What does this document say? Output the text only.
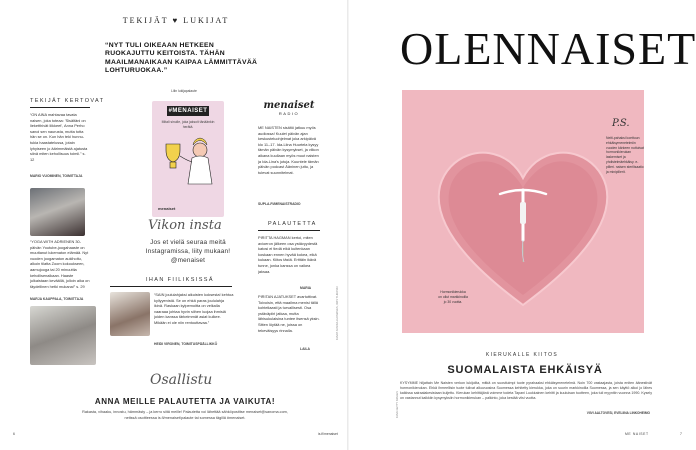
TEKIJÄT ♥ LUKIJAT
“NYT TULI OIKEAAN HETKEEN RUOKAJUTTU KEITOISTA. TÄHÄN MAAILMANAIKAAN KAIPAA LÄMMITTÄVÄÄ LOHTURUOKAA.”
Lilin lukijapalaute
TEKIJÄT KERTOVAT
“ON AINA mahtavaa tavata naisen, joka toteaa: 'Sisältäni on lieketthivät liikkeet', Anna Perho sanoi sen naurusta, mutta totta hän se on. Kun hän teki hunnu-tukia haastatelussa, jotain lyhyiseen jo äärimmäistä ajatusta siinä miten kehollisuus toimii.” s. 12
MARIO VUOMINEN, TOIMITTAJA
“YOGA WITH ADRIENEN 30-päivän Youtube-joogahaaste on muuttanut lukematon elämää. Nyt vuoden joogamaton aukihoitu, alkoin tilatta Zoom kokoukseen, aamujooga tai 20 minuuttia kehollisenaikaan. Haaste julkaistaan keväällä, jolloin aika on täydellinen hetki mukana!” s. 29
MARJA KAUPPALA, TOIMITTAJA
#MENAISET
Mitali sinulle, joka jaksoit tänäänkin herätä.
menaiset
Vikon insta
Jos et vielä seuraa meitä Instagramissa, liity mukaan! @menaiset
IHAN FIILIKSISSÄ
“SAIN joululahjaksi aikuisten koksesta! kehtoa kyllyyenistä. Se on ehkä paras joululahja ikinä. Raskaan kylpemoitta on velkalla vaaraaa johtaa hyvin siihen luojaa ihmisiä joiden kanssa tärkeimmät asiat kulkee. Mikään ei ole niin rentouttavaa.”
HEIDI VIRONEN, TOIMITUSPÄÄLLIKKÖ
menaiset
RADIO
ME NAISTEN sisältö jatkuu myös audiossa! Kuulet päivän ajan keskusteluohjelmat joka arkipäivä klo 11–17. Ida-Liina Huurtela kysyy tämän päivän kysymykset, ja viikon aikana kuullaan myös muut naisten ja Ida-Lina's jutuja. Kuuntele tämän päivän podcast Ääninen juttu, ja tulevat suunnitelmat.
SUPLA.FI/MENAISTRADIO
PALAUTETTA
PIRITTA HAGMAN kertoi, miten avioeron jälkeen osa ystävyydestä katosi ei tiedä eikä kuitenkaan koskaan ennen hyvää kokea, eikä kukaan. Kiitos tästä. Erittäin ikävä tunne, jonka kanssa on vaikea jaksaa.
MARIA
PIRITAN AJATUKSET avartuttivat. Toivoisin, että maailma menisi tällä kohteliaasti ja turvallisesti. Osa ystäväpiiri jatkaa, mutta lähisukulaisina tuntee itsensä yksin. Sitten löytää ne, joissa on tekeväisyys rinnalla.
LAILA
KUVAT ANNIKA LUOMANEN, IIRIS YLIKOSKI
Osallistu
ANNA MEILLE PALAUTETTA JA VAIKUTA!
Rakasta, vihaaku, innostu, hämmästy – ja kerro siitä meille! Palautetta voi lähettää sähköpostitse menaiset@sanoma.com,
netissä osoitteessa is.fi/menaiset/palaute tai somessa tägillä #menaiset.
6	is.fi/menaiset
OLENNAISET
P.S.
Neiti-pahaksi koettuun ehkäisymenetelmiin vuoden kärkeen nuttuivat hormonikierukan laskemiset ja yhdistelmäehkäisy. e-pilleri. naisen sterilisaatio ja minipillerit.
Hormonikierukka on ollut markkinoilla jo 30 vuotta.
KUVA GETTY IMAGES
KIERUKALLE KIITOS
SUOMALAISTA EHKÄISYÄ
KYSYMME hiljattain Me Naisten verkon lukijoilta, mitkä on suosituimpi tuote pyrahaaksi ehkäisymenetelmä. Noin 700 vastaajasta, joista eniten äänestivät hormonikierukan. Ehkä ihmeellisin tuote tulivat alkuvuosina Suomessa kehitetty kierukka, joka on suurin markkinoilla Suomessa, ja sen käyttö alkoi jo lähes kaikissa sairaalakesistaan kuljettu. Kierukan kehittäjänä voimme todeta Tapani Luukkainen kehitti ja kuuluisan tuotteen, joka tuli myyntiin vuonna 1990. Kysely on vastannut kaikkiin kysymyksiin hormonikierukan – palkinto, joka kestää viisi vuotta.
VIIVI AALTOVESI, EVELIINA LINKOHEIMO
ME NAISET	7
